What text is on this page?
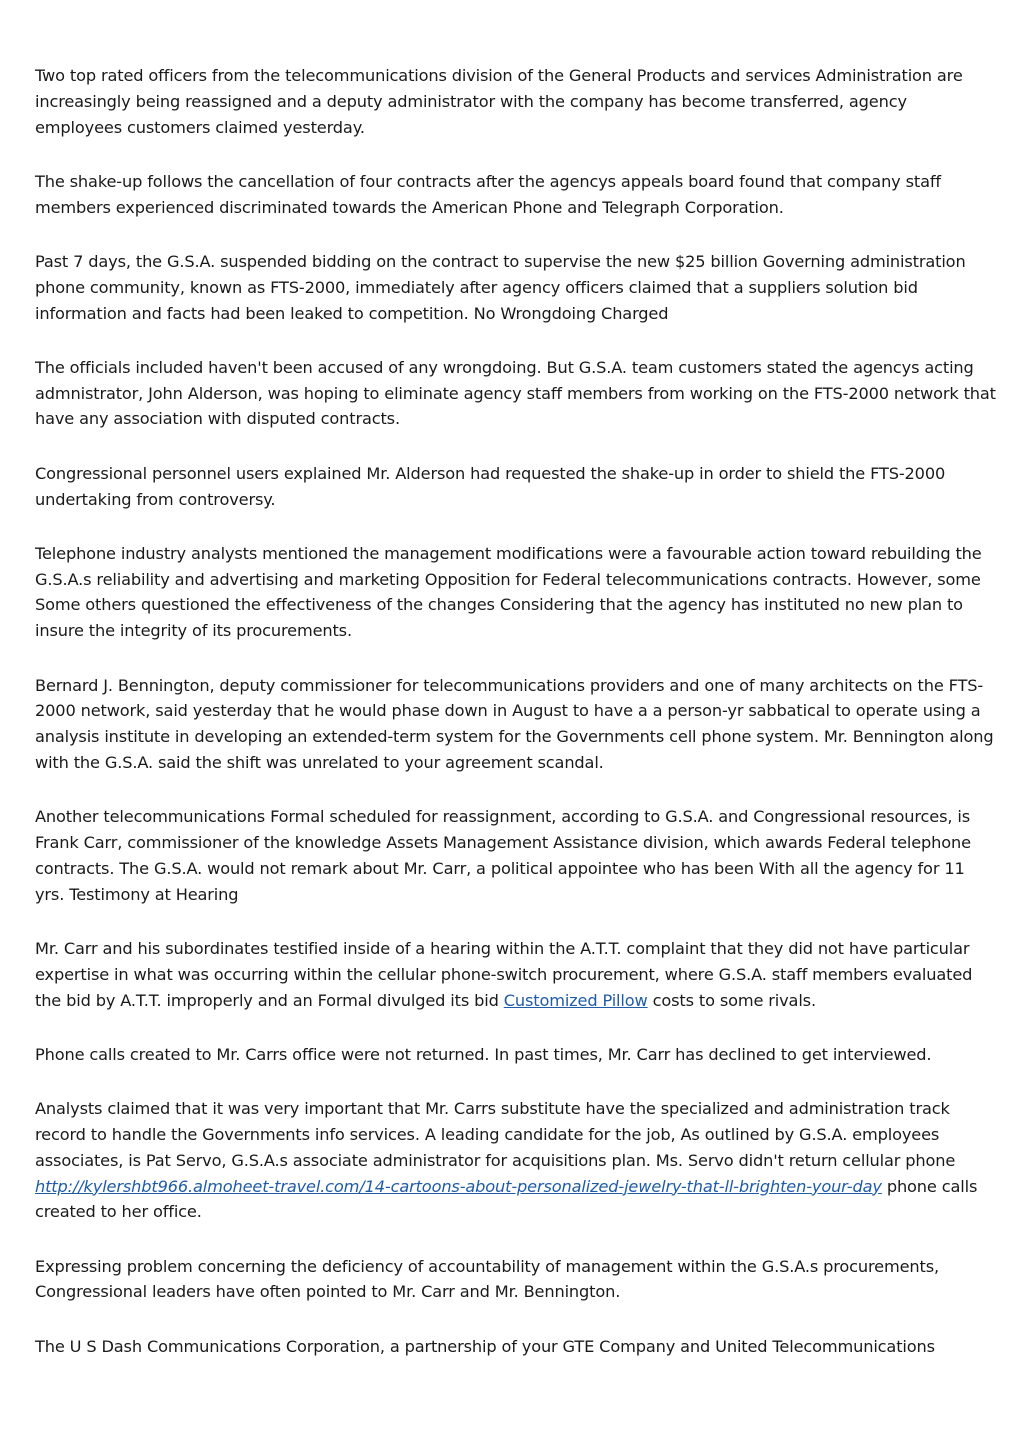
Two top rated officers from the telecommunications division of the General Products and services Administration are increasingly being reassigned and a deputy administrator with the company has become transferred, agency employees customers claimed yesterday.

The shake-up follows the cancellation of four contracts after the agencys appeals board found that company staff members experienced discriminated towards the American Phone and Telegraph Corporation.

Past 7 days, the G.S.A. suspended bidding on the contract to supervise the new $25 billion Governing administration phone community, known as FTS-2000, immediately after agency officers claimed that a suppliers solution bid information and facts had been leaked to competition. No Wrongdoing Charged

The officials included haven't been accused of any wrongdoing. But G.S.A. team customers stated the agencys acting admnistrator, John Alderson, was hoping to eliminate agency staff members from working on the FTS-2000 network that have any association with disputed contracts.

Congressional personnel users explained Mr. Alderson had requested the shake-up in order to shield the FTS-2000 undertaking from controversy.

Telephone industry analysts mentioned the management modifications were a favourable action toward rebuilding the G.S.A.s reliability and advertising and marketing Opposition for Federal telecommunications contracts. However, some Some others questioned the effectiveness of the changes Considering that the agency has instituted no new plan to insure the integrity of its procurements.

Bernard J. Bennington, deputy commissioner for telecommunications providers and one of many architects on the FTS-2000 network, said yesterday that he would phase down in August to have a a person-yr sabbatical to operate using a analysis institute in developing an extended-term system for the Governments cell phone system. Mr. Bennington along with the G.S.A. said the shift was unrelated to your agreement scandal.

Another telecommunications Formal scheduled for reassignment, according to G.S.A. and Congressional resources, is Frank Carr, commissioner of the knowledge Assets Management Assistance division, which awards Federal telephone contracts. The G.S.A. would not remark about Mr. Carr, a political appointee who has been With all the agency for 11 yrs. Testimony at Hearing

Mr. Carr and his subordinates testified inside of a hearing within the A.T.T. complaint that they did not have particular expertise in what was occurring within the cellular phone-switch procurement, where G.S.A. staff members evaluated the bid by A.T.T. improperly and an Formal divulged its bid Customized Pillow costs to some rivals.

Phone calls created to Mr. Carrs office were not returned. In past times, Mr. Carr has declined to get interviewed.

Analysts claimed that it was very important that Mr. Carrs substitute have the specialized and administration track record to handle the Governments info services. A leading candidate for the job, As outlined by G.S.A. employees associates, is Pat Servo, G.S.A.s associate administrator for acquisitions plan. Ms. Servo didn't return cellular phone http://kylershbt966.almoheet-travel.com/14-cartoons-about-personalized-jewelry-that-ll-brighten-your-day phone calls created to her office.

Expressing problem concerning the deficiency of accountability of management within the G.S.A.s procurements, Congressional leaders have often pointed to Mr. Carr and Mr. Bennington.

The U S Dash Communications Corporation, a partnership of your GTE Company and United Telecommunications
